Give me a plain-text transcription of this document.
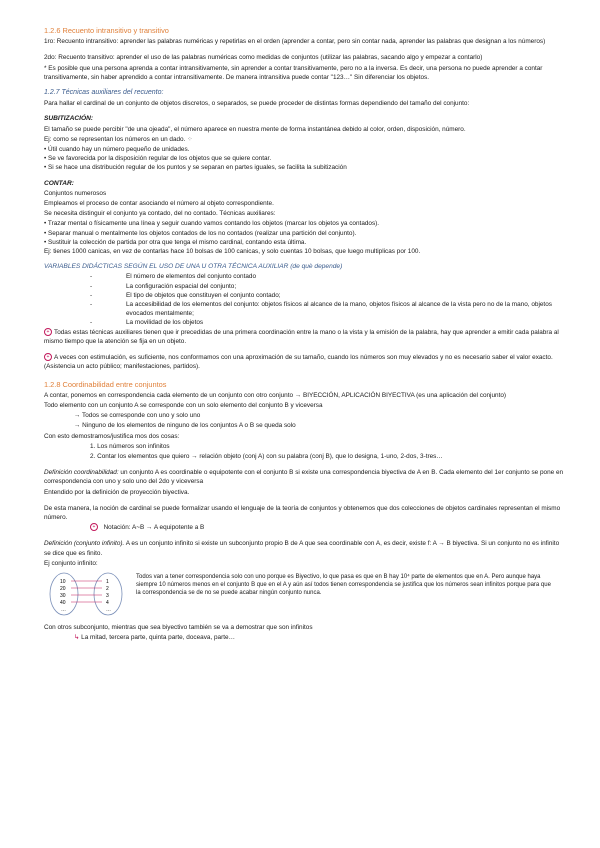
1.2.6 Recuento intransitivo y transitivo

1ro: Recuento intransitivo: aprender las palabras numéricas y repetirlas en el orden (aprender a contar, pero sin contar nada, aprender las palabras que designan a los números)

2do: Recuento transitivo: aprender el uso de las palabras numéricas como medidas de conjuntos (utilizar las palabras, sacando algo y empezar a contarlo)

* Es posible que una persona aprenda a contar intransitivamente, sin aprender a contar transitivamente, pero no a la inversa. Es decir, una persona no puede aprender a contar transitivamente, sin haber aprendido a contar intransitivamente. De manera intransitiva puede contar "123…" Sin diferenciar los objetos.

1.2.7 Técnicas auxiliares del recuento:

Para hallar el cardinal de un conjunto de objetos discretos, o separados, se puede proceder de distintas formas dependiendo del tamaño del conjunto:

SUBITIZACIÓN:

El tamaño se puede percibir "de una ojeada", el número aparece en nuestra mente de forma instantánea debido al color, orden, disposición, número.

Ej: como se representan los números en un dado. ⁘

• Útil cuando hay un número pequeño de unidades.
• Se ve favorecida por la disposición regular de los objetos que se quiere contar.
• Si se hace una distribución regular de los puntos y se separan en partes iguales, se facilita la subitización
CONTAR:

Conjuntos numerosos

Empleamos el proceso de contar asociando el número al objeto correspondiente.

Se necesita distinguir el conjunto ya contado, del no contado. Técnicas auxiliares:

• Trazar mental o físicamente una línea y seguir cuando vamos contando los objetos (marcar los objetos ya contados).
• Separar manual o mentalmente los objetos contados de los no contados (realizar una partición del conjunto).
• Sustituir la colección de partida por otra que tenga el mismo cardinal, contando esta última.

Ej: tienes 1000 canicas, en vez de contarlas hace 10 bolsas de 100 canicas, y solo cuentas 10 bolsas, que luego multiplicas por 100.

VARIABLES DIDÁCTICAS SEGÚN EL USO DE UNA U OTRA TÉCNICA AUXILIAR (de què depende)
- El número de elementos del conjunto contado
- La configuración espacial del conjunto;
- El tipo de objetos que constituyen el conjunto contado;
- La accesibilidad de los elementos del conjunto: objetos físicos al alcance de la mano, objetos físicos al alcance de la vista pero no de la mano, objetos evocados mentalmente;
- La movilidad de los objetos

+ Todas estas técnicas auxiliares tienen que ir precedidas de una primera coordinación entre la mano o la vista y la emisión de la palabra, hay que aprender a emitir cada palabra al mismo tiempo que la atención se fija en un objeto.

+ A veces con estimulación, es suficiente, nos conformamos con una aproximación de su tamaño, cuando los números son muy elevados y no es necesario saber el valor exacto. (Asistencia un acto público; manifestaciones, partidos).

1.2.8 Coordinabilidad entre conjuntos

A contar, ponemos en correspondencia cada elemento de un conjunto con otro conjunto → BIYECCIÓN, APLICACIÓN BIYECTIVA (es una aplicación del conjunto)

Todo elemento con un conjunto A se corresponde con un solo elemento del conjunto B y viceversa

→ Todos se corresponde con uno y solo uno

→ Ninguno de los elementos de ninguno de los conjuntos A o B se queda solo

Con esto demostramos/justifica mos dos cosas:

1. Los números son infinitos

2. Contar los elementos que quiero → relación objeto (conj A) con su palabra (conj B), que lo designa, 1-uno, 2-dos, 3-tres…

Definición coordinabilidad: un conjunto A es coordinable o equipotente con el conjunto B si existe una correspondencia biyectiva de A en B. Cada elemento del 1er conjunto se pone en correspondencia con uno y solo uno del 2do y viceversa

Entendido por la definición de proyección biyectiva.

De esta manera, la noción de cardinal se puede formalizar usando el lenguaje de la teoría de conjuntos y obtenemos que dos colecciones de objetos cardinales representan el mismo número.

+ Notación: A~B → A equipotente a B

Definición (conjunto infinito). A es un conjunto infinito si existe un subconjunto propio B de A que sea coordinable con A, es decir, existe f: A → B biyectiva. Si un conjunto no es infinito se dice que es finito.

Ej conjunto infinito:

10
20
30
40
…
1
2
3
4
…
Todos van a tener correspondencia solo con uno porque es Biyectivo, lo que pasa es que en B hay 10⁴ parte de elementos que en A. Pero aunque haya siempre 10 números menos en el conjunto B que en el A y aún así todos tienen correspondencia se justifica que los números sean infinitos porque para que la correspondencia se de no se puede acabar ningún conjunto nunca.

Con otros subconjunto, mientras que sea biyectivo también se va a demostrar que son infinitos

↳ La mitad, tercera parte, quinta parte, doceava, parte…
